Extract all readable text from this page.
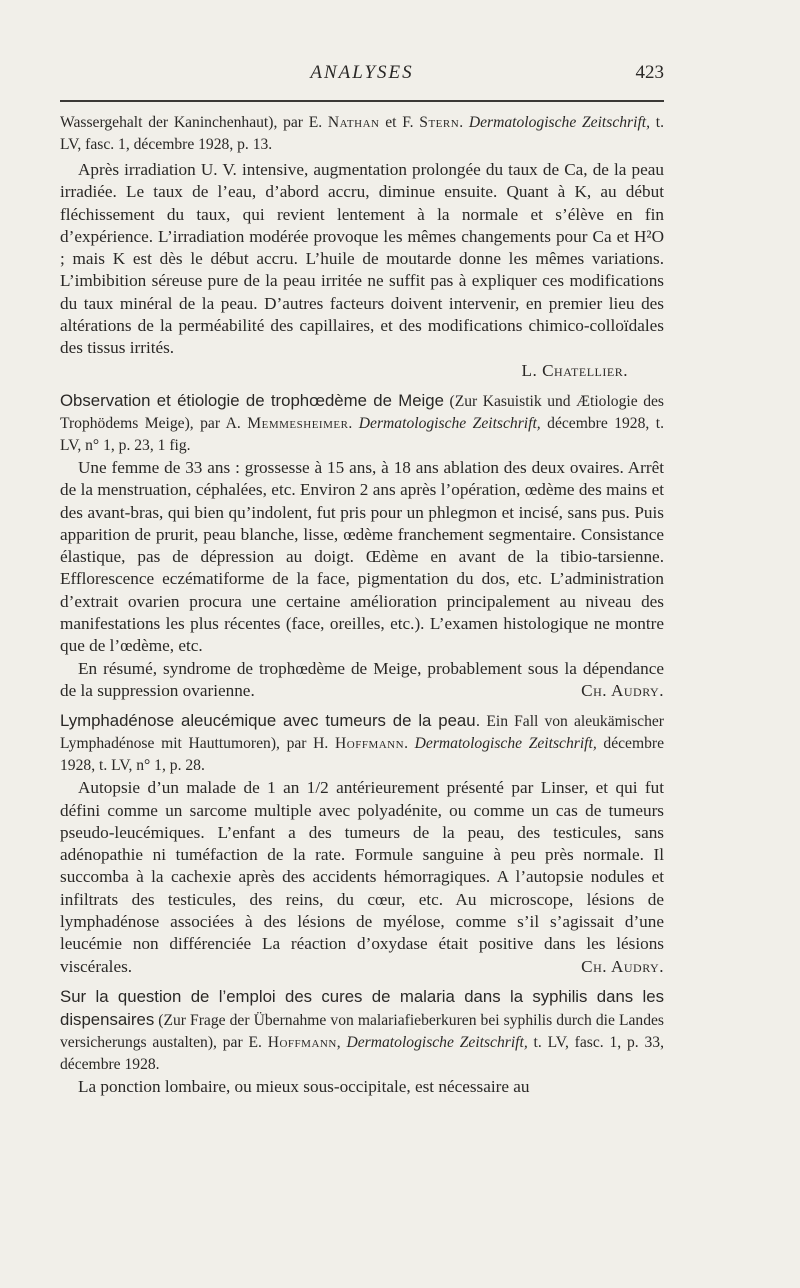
ANALYSES	423

Wassergehalt der Kaninchenhaut), par E. Nathan et F. Stern. Dermatologische Zeitschrift, t. LV, fasc. 1, décembre 1928, p. 13.

Après irradiation U. V. intensive, augmentation prolongée du taux de Ca, de la peau irradiée. Le taux de l’eau, d’abord accru, diminue ensuite. Quant à K, au début fléchissement du taux, qui revient lentement à la normale et s’élève en fin d’expérience. L’irradiation modérée provoque les mêmes changements pour Ca et H²O ; mais K est dès le début accru. L’huile de moutarde donne les mêmes variations. L’imbibition séreuse pure de la peau irritée ne suffit pas à expliquer ces modifications du taux minéral de la peau. D’autres facteurs doivent intervenir, en premier lieu des altérations de la perméabilité des capillaires, et des modifications chimico-colloïdales des tissus irrités.

L. Chatellier.

Observation et étiologie de trophœdème de Meige (Zur Kasuistik und Ætiologie des Trophödems Meige), par A. Memmesheimer. Dermatologische Zeitschrift, décembre 1928, t. LV, n° 1, p. 23, 1 fig.

Une femme de 33 ans : grossesse à 15 ans, à 18 ans ablation des deux ovaires. Arrêt de la menstruation, céphalées, etc. Environ 2 ans après l’opération, œdème des mains et des avant-bras, qui bien qu’indolent, fut pris pour un phlegmon et incisé, sans pus. Puis apparition de prurit, peau blanche, lisse, œdème franchement segmentaire. Consistance élastique, pas de dépression au doigt. Œdème en avant de la tibio-tarsienne. Efflorescence eczématiforme de la face, pigmentation du dos, etc. L’administration d’extrait ovarien procura une certaine amélioration principalement au niveau des manifestations les plus récentes (face, oreilles, etc.). L’examen histologique ne montre que de l’œdème, etc.

En résumé, syndrome de trophœdème de Meige, probablement sous la dépendance de la suppression ovarienne.	Ch. Audry.

Lymphadénose aleucémique avec tumeurs de la peau. Ein Fall von aleukämischer Lymphadénose mit Hauttumoren), par H. Hoffmann. Dermatologische Zeitschrift, décembre 1928, t. LV, n° 1, p. 28.

Autopsie d’un malade de 1 an 1/2 antérieurement présenté par Linser, et qui fut défini comme un sarcome multiple avec polyadénite, ou comme un cas de tumeurs pseudo-leucémiques. L’enfant a des tumeurs de la peau, des testicules, sans adénopathie ni tuméfaction de la rate. Formule sanguine à peu près normale. Il succomba à la cachexie après des accidents hémorragiques. A l’autopsie nodules et infiltrats des testicules, des reins, du cœur, etc. Au microscope, lésions de lymphadénose associées à des lésions de myélose, comme s’il s’agissait d’une leucémie non différenciée La réaction d’oxydase était positive dans les lésions viscérales.	Ch. Audry.

Sur la question de l’emploi des cures de malaria dans la syphilis dans les dispensaires (Zur Frage der Übernahme von malariafieberkuren bei syphilis durch die Landes versicherungs austalten), par E. Hoffmann, Dermatologische Zeitschrift, t. LV, fasc. 1, p. 33, décembre 1928.

La ponction lombaire, ou mieux sous-occipitale, est nécessaire au
